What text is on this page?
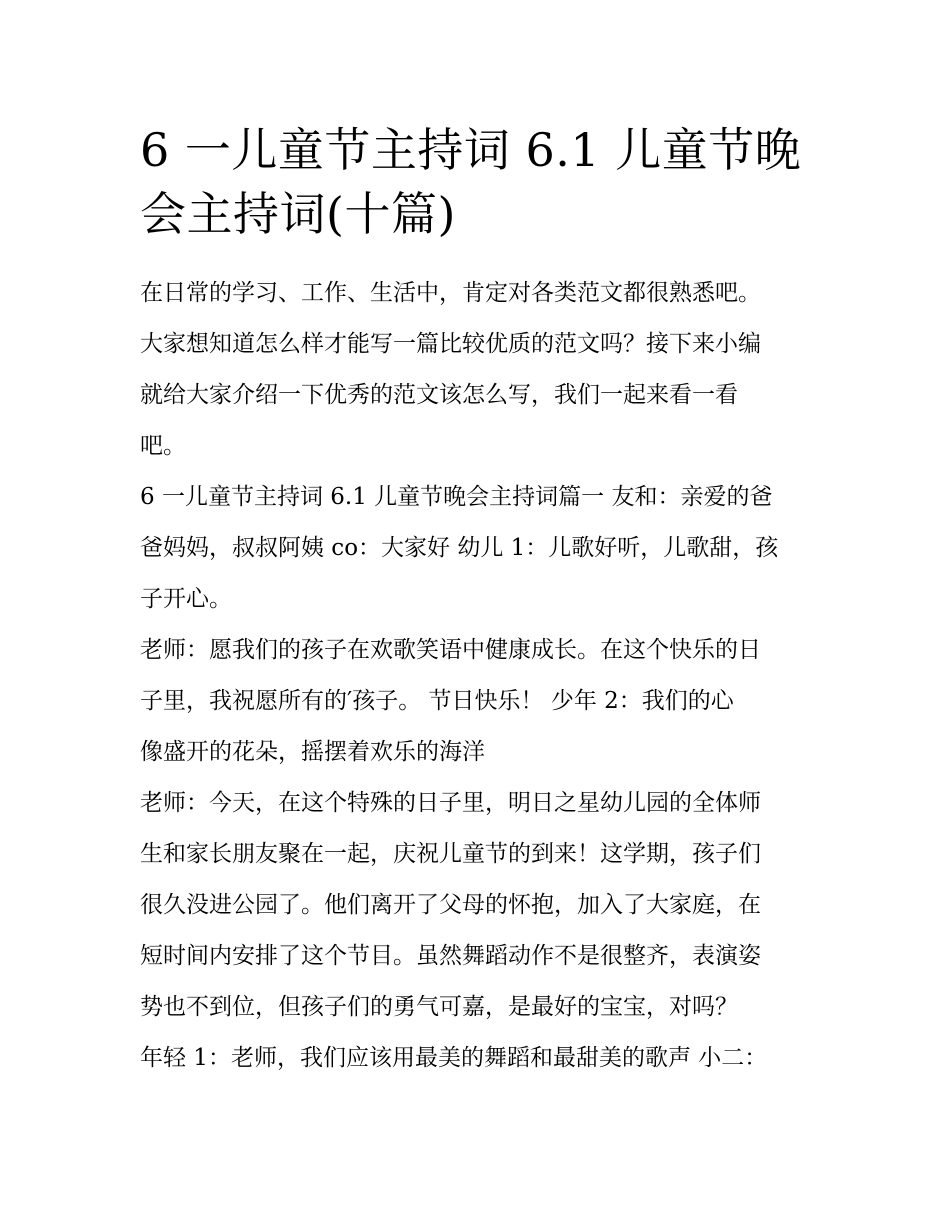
6 一儿童节主持词 6.1 儿童节晚
会主持词(十篇)

在日常的学习、工作、生活中，肯定对各类范文都很熟悉吧。
大家想知道怎么样才能写一篇比较优质的范文吗？接下来小编
就给大家介绍一下优秀的范文该怎么写，我们一起来看一看
吧。

6 一儿童节主持词 6.1 儿童节晚会主持词篇一 友和：亲爱的爸
爸妈妈，叔叔阿姨 co：大家好 幼儿 1：儿歌好听，儿歌甜，孩
子开心。

老师：愿我们的孩子在欢歌笑语中健康成长。在这个快乐的日
子里，我祝愿所有的′孩子。 节日快乐！ 少年 2：我们的心
像盛开的花朵，摇摆着欢乐的海洋

老师：今天，在这个特殊的日子里，明日之星幼儿园的全体师
生和家长朋友聚在一起，庆祝儿童节的到来！这学期，孩子们
很久没进公园了。他们离开了父母的怀抱，加入了大家庭，在
短时间内安排了这个节目。虽然舞蹈动作不是很整齐，表演姿
势也不到位，但孩子们的勇气可嘉，是最好的宝宝，对吗？
年轻 1：老师，我们应该用最美的舞蹈和最甜美的歌声 小二：
